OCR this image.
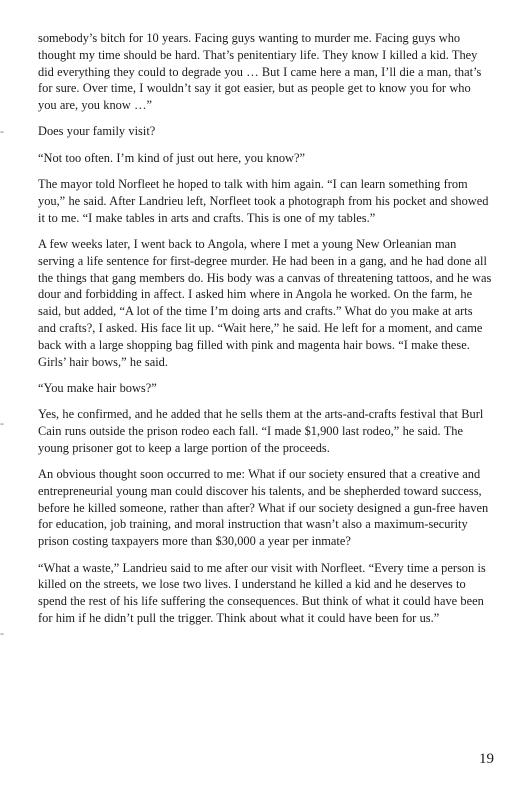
-
-
-

somebody’s bitch for 10 years. Facing guys wanting to murder me. Facing guys who thought my time should be hard. That’s penitentiary life. They know I killed a kid. They did everything they could to degrade you … But I came here a man, I’ll die a man, that’s for sure. Over time, I wouldn’t say it got easier, but as people get to know you for who you are, you know …”

Does your family visit?

“Not too often. I’m kind of just out here, you know?”

The mayor told Norfleet he hoped to talk with him again. “I can learn something from you,” he said. After Landrieu left, Norfleet took a photograph from his pocket and showed it to me. “I make tables in arts and crafts. This is one of my tables.”

A few weeks later, I went back to Angola, where I met a young New Orleanian man serving a life sentence for first-degree murder. He had been in a gang, and he had done all the things that gang members do. His body was a canvas of threatening tattoos, and he was dour and forbidding in affect. I asked him where in Angola he worked. On the farm, he said, but added, “A lot of the time I’m doing arts and crafts.” What do you make at arts and crafts?, I asked. His face lit up. “Wait here,” he said. He left for a moment, and came back with a large shopping bag filled with pink and magenta hair bows. “I make these. Girls’ hair bows,” he said.

“You make hair bows?”

Yes, he confirmed, and he added that he sells them at the arts-and-crafts festival that Burl Cain runs outside the prison rodeo each fall. “I made $1,900 last rodeo,” he said. The young prisoner got to keep a large portion of the proceeds.

An obvious thought soon occurred to me: What if our society ensured that a creative and entrepreneurial young man could discover his talents, and be shepherded toward success, before he killed someone, rather than after? What if our society designed a gun-free haven for education, job training, and moral instruction that wasn’t also a maximum-security prison costing taxpayers more than $30,000 a year per inmate?

“What a waste,” Landrieu said to me after our visit with Norfleet. “Every time a person is killed on the streets, we lose two lives. I understand he killed a kid and he deserves to spend the rest of his life suffering the consequences. But think of what it could have been for him if he didn’t pull the trigger. Think about what it could have been for us.”

19
